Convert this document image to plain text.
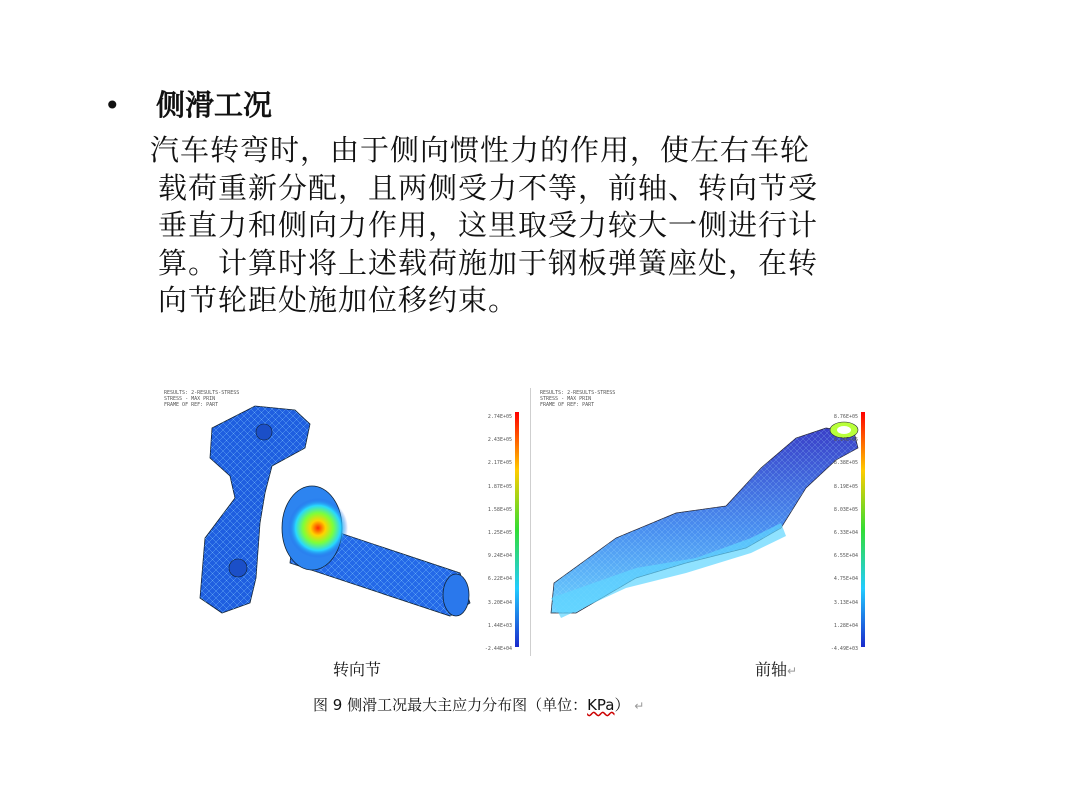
• 侧滑工况
汽车转弯时，由于侧向惯性力的作用，使左右车轮
载荷重新分配，且两侧受力不等，前轴、转向节受
垂直力和侧向力作用，这里取受力较大一侧进行计
算。计算时将上述载荷施加于钢板弹簧座处，在转
向节轮距处施加位移约束。
RESULTS: 2-RESULTS-STRESS
STRESS - MAX PRIN
FRAME OF REF: PART
2.74E+05
2.43E+05
2.17E+05
1.87E+05
1.58E+05
1.25E+05
9.24E+04
6.22E+04
3.20E+04
1.44E+03
-2.44E+04
RESULTS: 2-RESULTS-STRESS
STRESS - MAX PRIN
FRAME OF REF: PART
8.76E+05
8.14E+05
8.38E+05
8.19E+05
8.03E+05
6.33E+04
6.55E+04
4.75E+04
3.13E+04
1.28E+04
-4.49E+03
转向节	前轴↵
图 9 侧滑工况最大主应力分布图（单位：KPa） ↵
